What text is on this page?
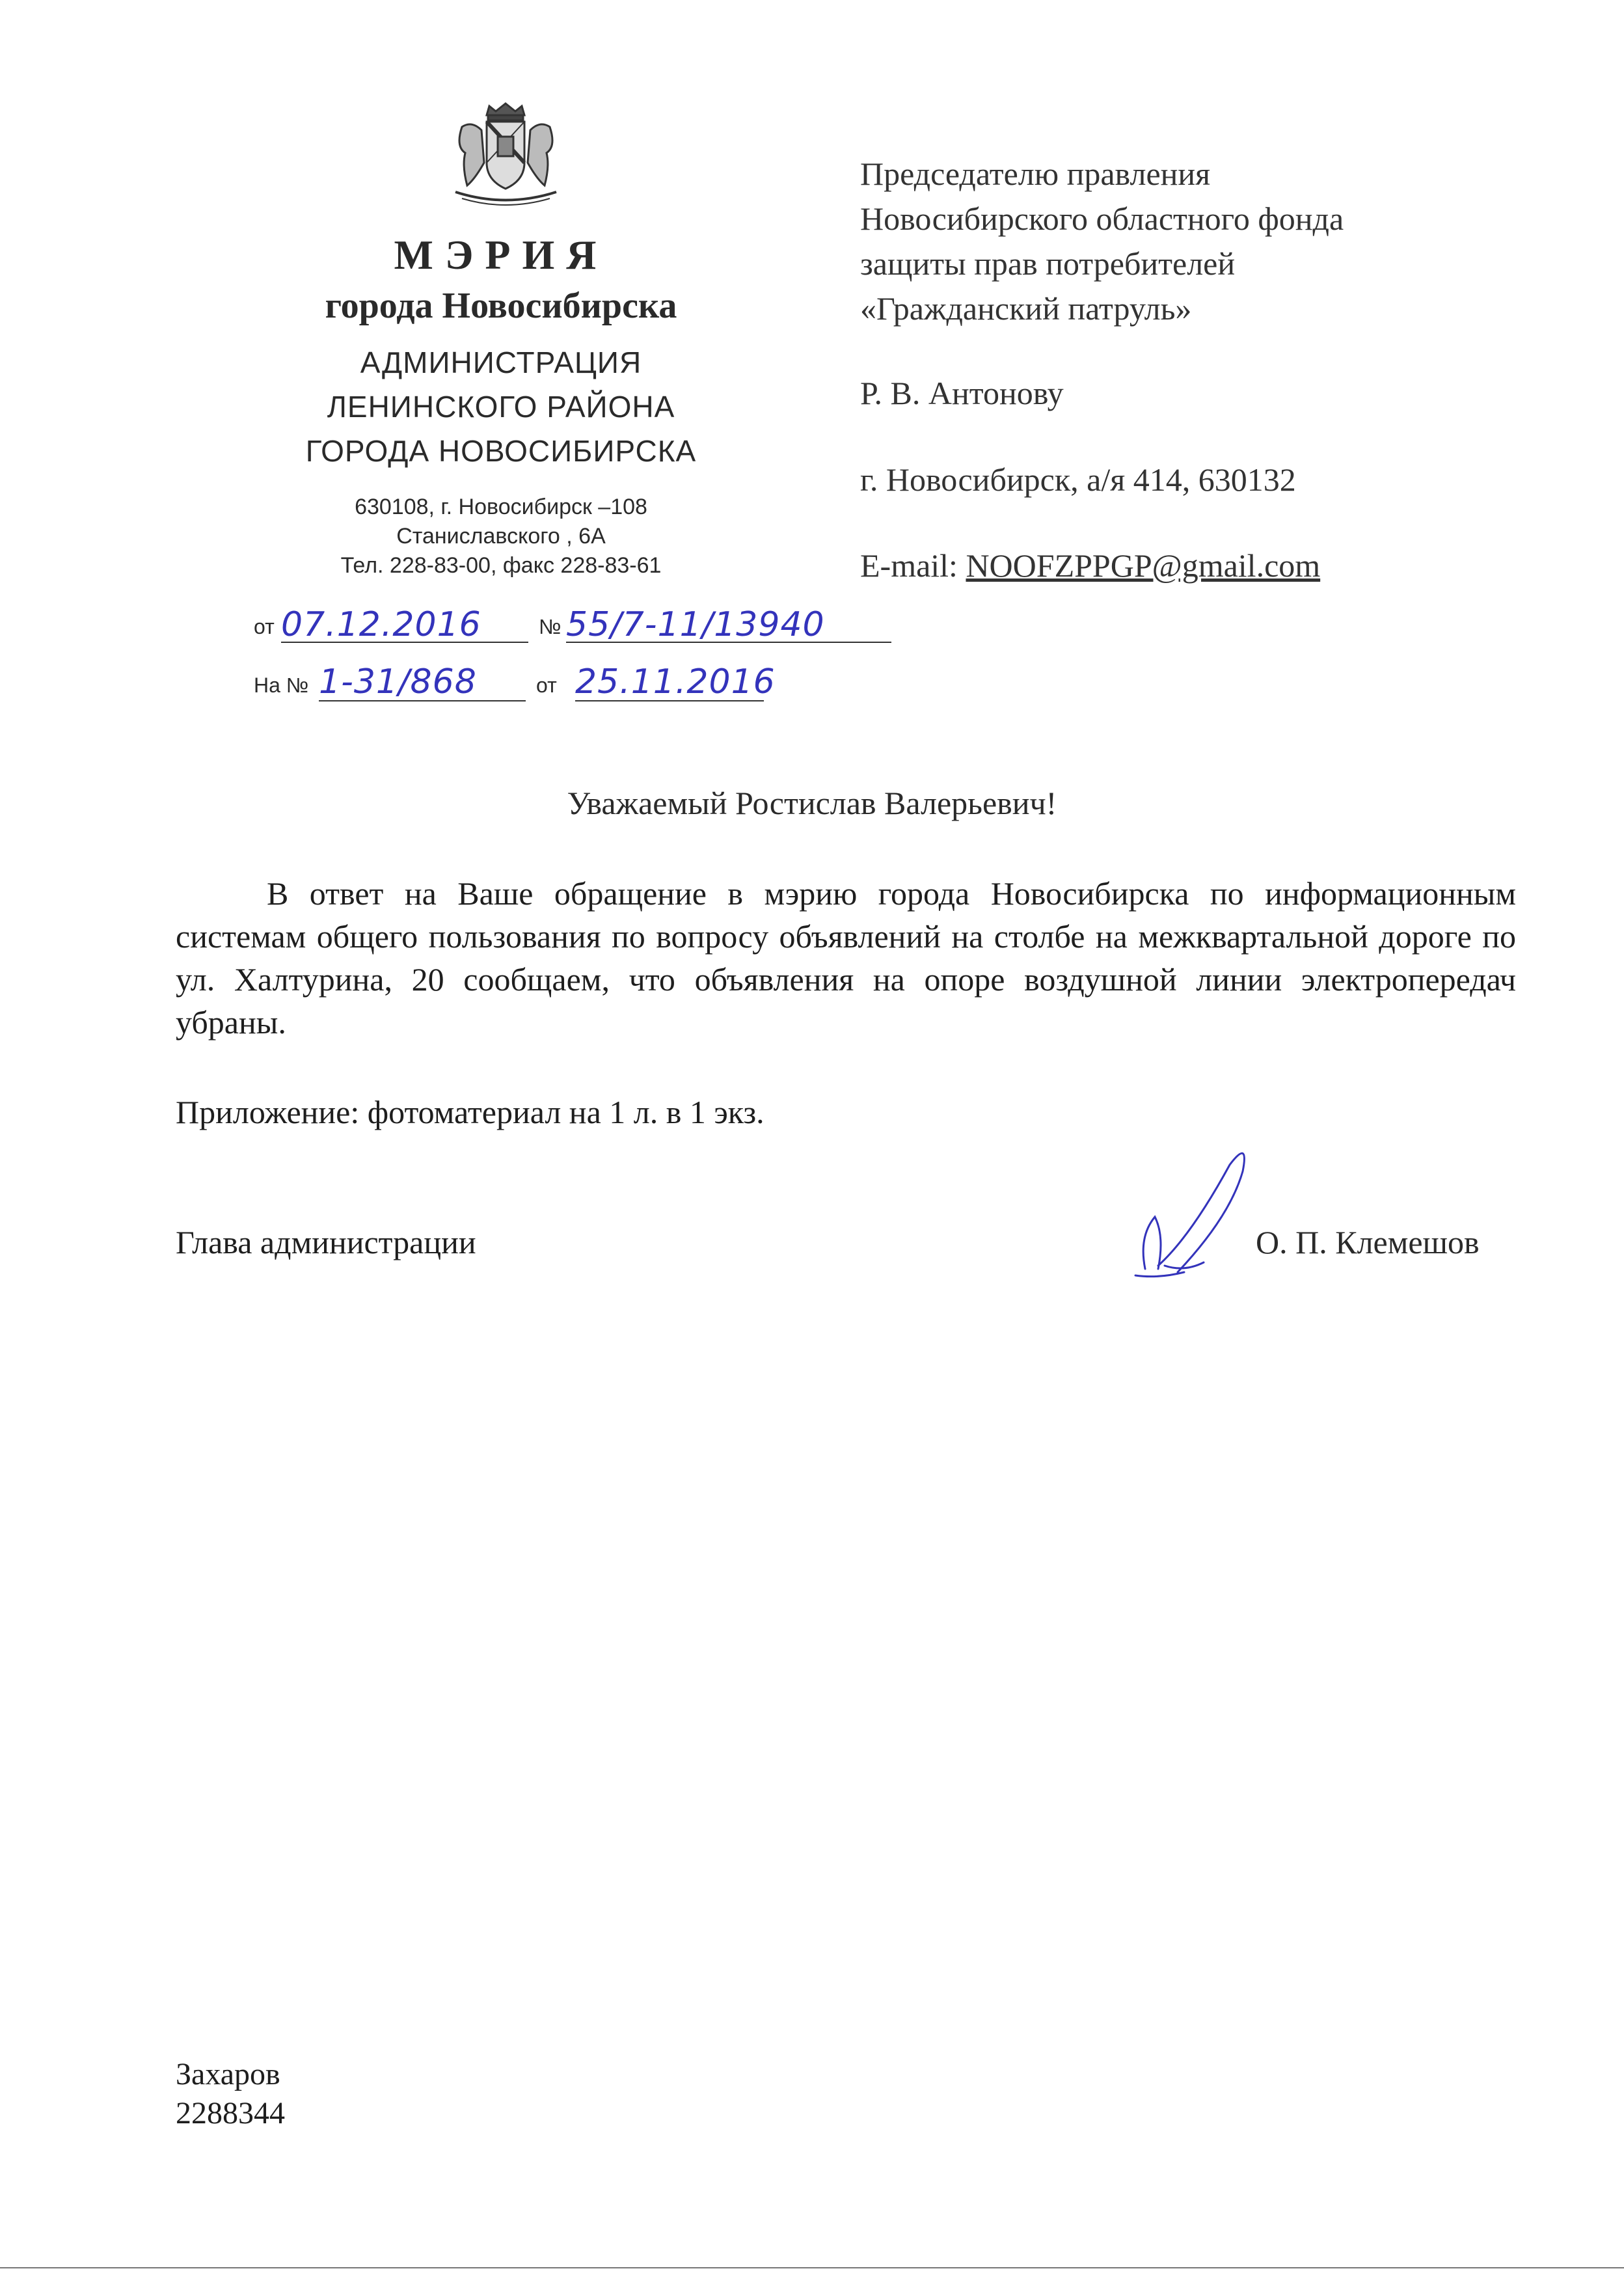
МЭРИЯ
города Новосибирска
АДМИНИСТРАЦИЯ
ЛЕНИНСКОГО РАЙОНА
ГОРОДА НОВОСИБИРСКА
630108, г. Новосибирск –108
Станиславского , 6А
Тел. 228-83-00, факс 228-83-61
от 07.12.2016	№ 55/7-11/13940
На № 1-31/868	от 25.11.2016
Председателю правления
Новосибирского областного фонда
защиты прав потребителей
«Гражданский патруль»
Р. В. Антонову
г. Новосибирск, а/я 414, 630132
E-mail: NOOFZPPGP@gmail.com
Уважаемый Ростислав Валерьевич!

В ответ на Ваше обращение в мэрию города Новосибирска по информационным системам общего пользования по вопросу объявлений на столбе на межквартальной дороге по ул. Халтурина, 20 сообщаем, что объявления на опоре воздушной линии электропередач убраны.

Приложение: фотоматериал на 1 л. в 1 экз.
Глава администрации	О. П. Клемешов
Захаров
2288344
